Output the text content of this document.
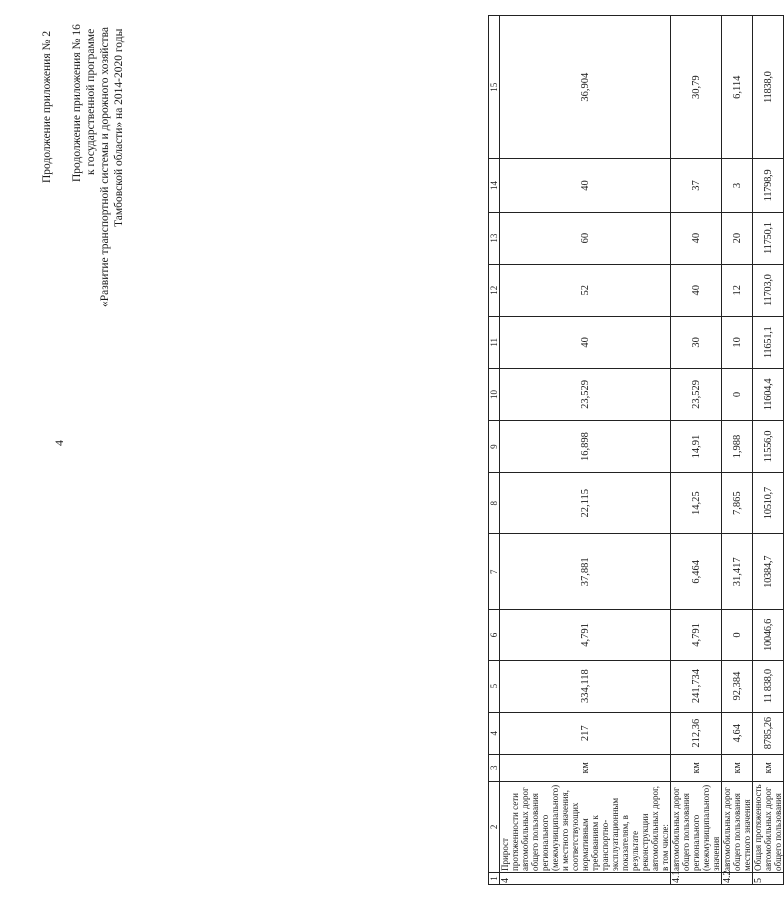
4
Продолжение приложения № 2 Продолжение приложения № 16 к государственной программе «Развитие транспортной системы и дорожного хозяйства Тамбовской области» на 2014-2020 годы
1	2	3	4	5	6	7	8	9	10	11	12	13	14	15
4	Прирост протяженности сети автомобильных дорог общего пользования регионального (межмуниципального) и местного значения, соответствующих нормативным требованиям к транспортно-эксплуатационным показателям, в результате реконструкции автомобильных дорог, в том числе:	км	217	334,118	4,791	37,881	22,115	16,898	23,529	40	52	60	40	36,904
4.1	автомобильных дорог общего пользования регионального (межмуниципального) значения	км	212,36	241,734	4,791	6,464	14,25	14,91	23,529	30	40	40	37	30,79
4.2	автомобильных дорог общего пользования местного значения	км	4,64	92,384	0	31,417	7,865	1,988	0	10	12	20	3	6,114
5	Общая протяженность автомобильных дорог общего пользования	км	8785,26	11 838,0	10046,6	10384,7	10510,7	11556,0	11604,4	11651,1	11703,0	11750,1	11798,9	11838,0
